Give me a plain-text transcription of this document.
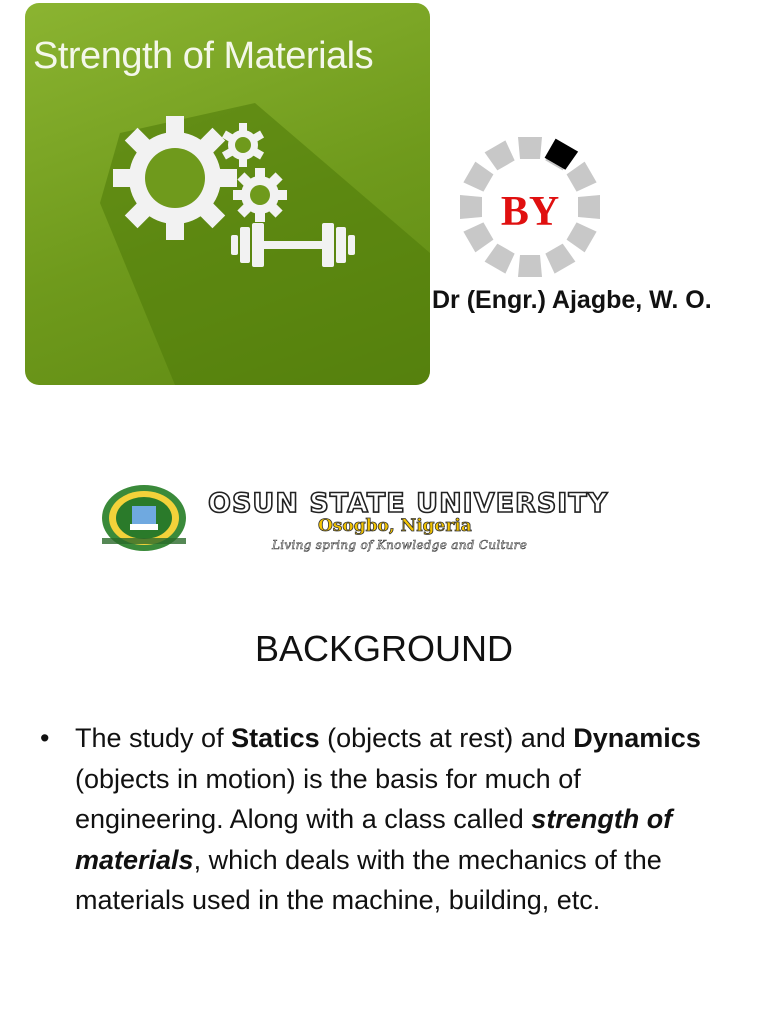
Strength of Materials
BY
Dr (Engr.) Ajagbe, W. O.
OSUN STATE UNIVERSITY
Osogbo, Nigeria
Living spring of Knowledge and Culture
BACKGROUND
• The study of Statics (objects at rest) and Dynamics (objects in motion) is the basis for much of engineering. Along with a class called strength of materials, which deals with the mechanics of the materials used in the machine, building, etc.
